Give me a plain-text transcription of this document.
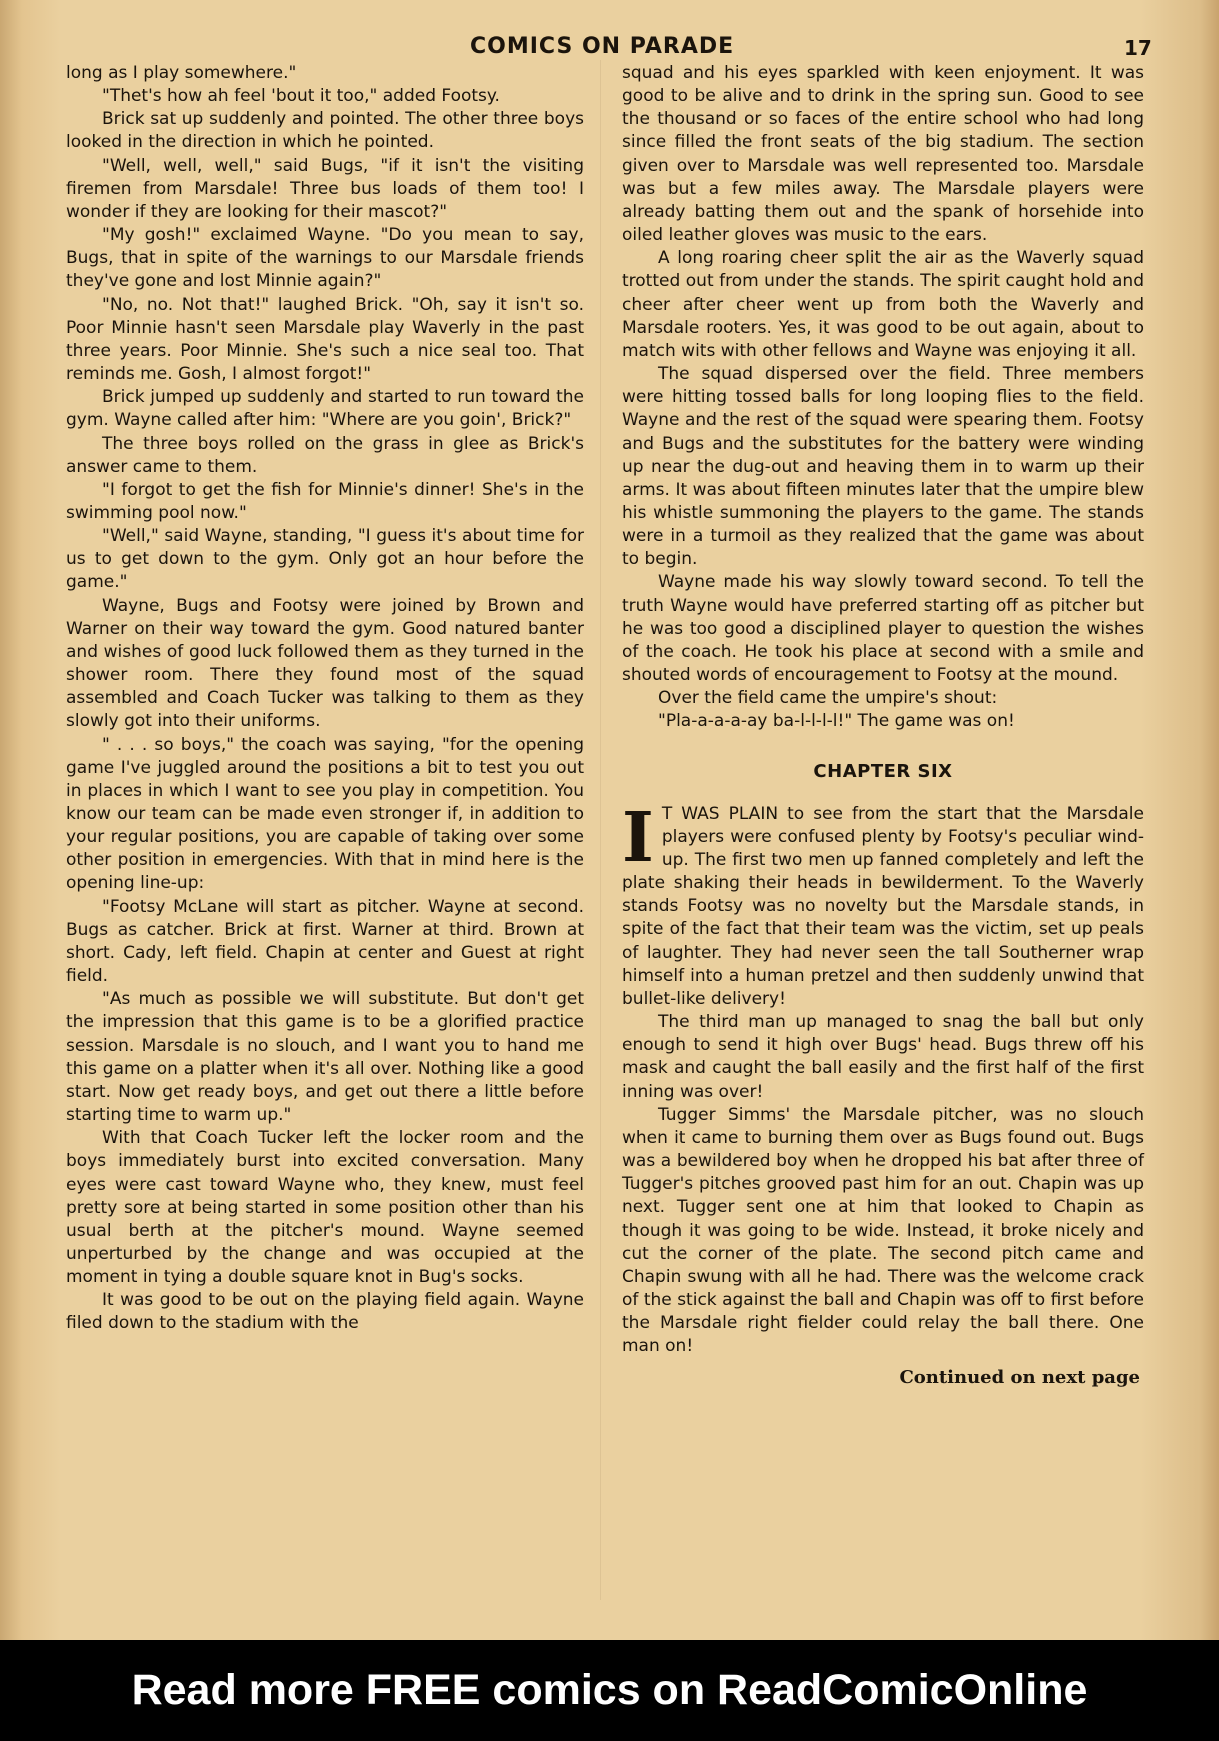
COMICS ON PARADE	17

long as I play somewhere."

"Thet's how ah feel 'bout it too," added Footsy.

Brick sat up suddenly and pointed. The other three boys looked in the direction in which he pointed.

"Well, well, well," said Bugs, "if it isn't the visiting firemen from Marsdale! Three bus loads of them too! I wonder if they are looking for their mascot?"

"My gosh!" exclaimed Wayne. "Do you mean to say, Bugs, that in spite of the warnings to our Marsdale friends they've gone and lost Minnie again?"

"No, no. Not that!" laughed Brick. "Oh, say it isn't so. Poor Minnie hasn't seen Marsdale play Waverly in the past three years. Poor Minnie. She's such a nice seal too. That reminds me. Gosh, I almost forgot!"

Brick jumped up suddenly and started to run toward the gym. Wayne called after him: "Where are you goin', Brick?"

The three boys rolled on the grass in glee as Brick's answer came to them.

"I forgot to get the fish for Minnie's dinner! She's in the swimming pool now."

"Well," said Wayne, standing, "I guess it's about time for us to get down to the gym. Only got an hour before the game."

Wayne, Bugs and Footsy were joined by Brown and Warner on their way toward the gym. Good natured banter and wishes of good luck followed them as they turned in the shower room. There they found most of the squad assembled and Coach Tucker was talking to them as they slowly got into their uniforms.

" . . . so boys," the coach was saying, "for the opening game I've juggled around the positions a bit to test you out in places in which I want to see you play in competition. You know our team can be made even stronger if, in addition to your regular positions, you are capable of taking over some other position in emergencies. With that in mind here is the opening line-up:

"Footsy McLane will start as pitcher. Wayne at second. Bugs as catcher. Brick at first. Warner at third. Brown at short. Cady, left field. Chapin at center and Guest at right field.

"As much as possible we will substitute. But don't get the impression that this game is to be a glorified practice session. Marsdale is no slouch, and I want you to hand me this game on a platter when it's all over. Nothing like a good start. Now get ready boys, and get out there a little before starting time to warm up."

With that Coach Tucker left the locker room and the boys immediately burst into excited conversation. Many eyes were cast toward Wayne who, they knew, must feel pretty sore at being started in some position other than his usual berth at the pitcher's mound. Wayne seemed unperturbed by the change and was occupied at the moment in tying a double square knot in Bug's socks.

It was good to be out on the playing field again. Wayne filed down to the stadium with the

squad and his eyes sparkled with keen enjoyment. It was good to be alive and to drink in the spring sun. Good to see the thousand or so faces of the entire school who had long since filled the front seats of the big stadium. The section given over to Marsdale was well represented too. Marsdale was but a few miles away. The Marsdale players were already batting them out and the spank of horsehide into oiled leather gloves was music to the ears.

A long roaring cheer split the air as the Waverly squad trotted out from under the stands. The spirit caught hold and cheer after cheer went up from both the Waverly and Marsdale rooters. Yes, it was good to be out again, about to match wits with other fellows and Wayne was enjoying it all.

The squad dispersed over the field. Three members were hitting tossed balls for long looping flies to the field. Wayne and the rest of the squad were spearing them. Footsy and Bugs and the substitutes for the battery were winding up near the dug-out and heaving them in to warm up their arms. It was about fifteen minutes later that the umpire blew his whistle summoning the players to the game. The stands were in a turmoil as they realized that the game was about to begin.

Wayne made his way slowly toward second. To tell the truth Wayne would have preferred starting off as pitcher but he was too good a disciplined player to question the wishes of the coach. He took his place at second with a smile and shouted words of encouragement to Footsy at the mound.

Over the field came the umpire's shout:

"Pla-a-a-a-ay ba-l-l-l-l!" The game was on!

CHAPTER SIX

I T WAS PLAIN to see from the start that the Marsdale players were confused plenty by Footsy's peculiar wind-up. The first two men up fanned completely and left the plate shaking their heads in bewilderment. To the Waverly stands Footsy was no novelty but the Marsdale stands, in spite of the fact that their team was the victim, set up peals of laughter. They had never seen the tall Southerner wrap himself into a human pretzel and then suddenly unwind that bullet-like delivery!

The third man up managed to snag the ball but only enough to send it high over Bugs' head. Bugs threw off his mask and caught the ball easily and the first half of the first inning was over!

Tugger Simms' the Marsdale pitcher, was no slouch when it came to burning them over as Bugs found out. Bugs was a bewildered boy when he dropped his bat after three of Tugger's pitches grooved past him for an out. Chapin was up next. Tugger sent one at him that looked to Chapin as though it was going to be wide. Instead, it broke nicely and cut the corner of the plate. The second pitch came and Chapin swung with all he had. There was the welcome crack of the stick against the ball and Chapin was off to first before the Marsdale right fielder could relay the ball there. One man on!

Continued on next page
Read more FREE comics on ReadComicOnline
